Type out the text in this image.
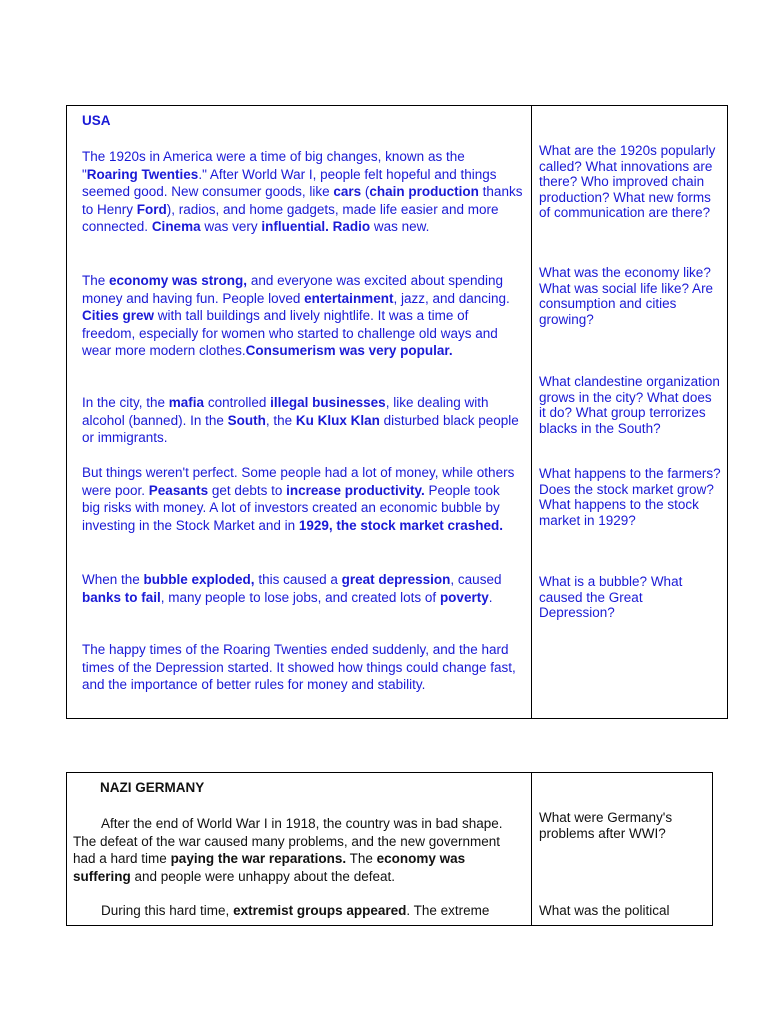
USA

The 1920s in America were a time of big changes, known as the "Roaring Twenties." After World War I, people felt hopeful and things seemed good. New consumer goods, like cars (chain production thanks to Henry Ford), radios, and home gadgets, made life easier and more connected. Cinema was very influential. Radio was new.

The economy was strong, and everyone was excited about spending money and having fun. People loved entertainment, jazz, and dancing. Cities grew with tall buildings and lively nightlife. It was a time of freedom, especially for women who started to challenge old ways and wear more modern clothes.Consumerism was very popular.

In the city, the mafia controlled illegal businesses, like dealing with alcohol (banned). In the South, the Ku Klux Klan disturbed black people or immigrants.

But things weren't perfect. Some people had a lot of money, while others were poor. Peasants get debts to increase productivity. People took big risks with money. A lot of investors created an economic bubble by investing in the Stock Market and in 1929, the stock market crashed.

When the bubble exploded, this caused a great depression, caused banks to fail, many people to lose jobs, and created lots of poverty.

The happy times of the Roaring Twenties ended suddenly, and the hard times of the Depression started. It showed how things could change fast, and the importance of better rules for money and stability.

What are the 1920s popularly called? What innovations are there? Who improved chain production? What new forms of communication are there?

What was the economy like? What was social life like? Are consumption and cities growing?

What clandestine organization grows in the city? What does it do? What group terrorizes blacks in the South?

What happens to the farmers? Does the stock market grow? What happens to the stock market in 1929?

What is a bubble? What caused the Great Depression?

NAZI GERMANY

After the end of World War I in 1918, the country was in bad shape. The defeat of the war caused many problems, and the new government had a hard time paying the war reparations. The economy was suffering and people were unhappy about the defeat.

During this hard time, extremist groups appeared. The extreme

What were Germany's problems after WWI?

What was the political
